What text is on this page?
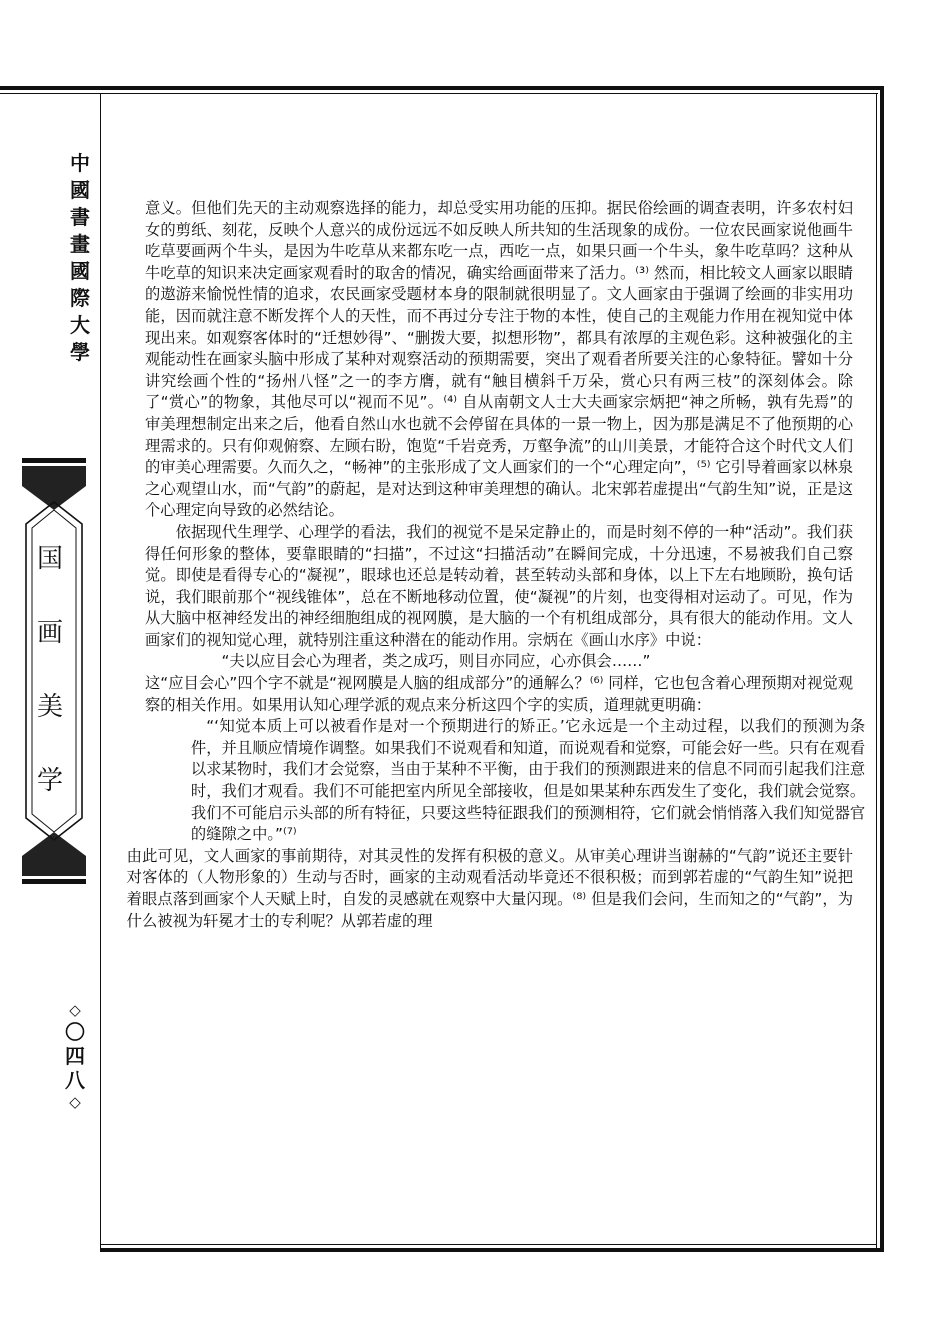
中
國
書
畫
國
際
大
學
国
画
美
学
◇
〇
四
八
◇

意义。但他们先天的主动观察选择的能力，却总受实用功能的压抑。据民俗绘画的调查表明，许多农村妇女的剪纸、刻花，反映个人意兴的成份远远不如反映人所共知的生活现象的成份。一位农民画家说他画牛吃草要画两个牛头，是因为牛吃草从来都东吃一点，西吃一点，如果只画一个牛头，象牛吃草吗？这种从牛吃草的知识来决定画家观看时的取舍的情况，确实给画面带来了活力。⁽³⁾ 然而，相比较文人画家以眼睛的遨游来愉悦性情的追求，农民画家受题材本身的限制就很明显了。文人画家由于强调了绘画的非实用功能，因而就注意不断发挥个人的天性，而不再过分专注于物的本性，使自己的主观能力作用在视知觉中体现出来。如观察客体时的“迁想妙得”、“删拨大要，拟想形物”，都具有浓厚的主观色彩。这种被强化的主观能动性在画家头脑中形成了某种对观察活动的预期需要，突出了观看者所要关注的心象特征。譬如十分讲究绘画个性的“扬州八怪”之一的李方膺，就有“触目横斜千万朵，赏心只有两三枝”的深刻体会。除了“赏心”的物象，其他尽可以“视而不见”。⁽⁴⁾ 自从南朝文人士大夫画家宗炳把“神之所畅，孰有先焉”的审美理想制定出来之后，他看自然山水也就不会停留在具体的一景一物上，因为那是满足不了他预期的心理需求的。只有仰观俯察、左顾右盼，饱览“千岩竞秀，万壑争流”的山川美景，才能符合这个时代文人们的审美心理需要。久而久之，“畅神”的主张形成了文人画家们的一个“心理定向”，⁽⁵⁾ 它引导着画家以林泉之心观望山水，而“气韵”的蔚起，是对达到这种审美理想的确认。北宋郭若虚提出“气韵生知”说，正是这个心理定向导致的必然结论。

依据现代生理学、心理学的看法，我们的视觉不是呆定静止的，而是时刻不停的一种“活动”。我们获得任何形象的整体，要靠眼睛的“扫描”，不过这“扫描活动”在瞬间完成，十分迅速，不易被我们自己察觉。即使是看得专心的“凝视”，眼球也还总是转动着，甚至转动头部和身体，以上下左右地顾盼，换句话说，我们眼前那个“视线锥体”，总在不断地移动位置，使“凝视”的片刻，也变得相对运动了。可见，作为从大脑中枢神经发出的神经细胞组成的视网膜，是大脑的一个有机组成部分，具有很大的能动作用。文人画家们的视知觉心理，就特别注重这种潜在的能动作用。宗炳在《画山水序》中说：

“夫以应目会心为理者，类之成巧，则目亦同应，心亦俱会……”

这“应目会心”四个字不就是“视网膜是人脑的组成部分”的通解么？⁽⁶⁾ 同样，它也包含着心理预期对视觉观察的相关作用。如果用认知心理学派的观点来分析这四个字的实质，道理就更明确：

“‘知觉本质上可以被看作是对一个预期进行的矫正。’它永远是一个主动过程，以我们的预测为条件，并且顺应情境作调整。如果我们不说观看和知道，而说观看和觉察，可能会好一些。只有在观看以求某物时，我们才会觉察，当由于某种不平衡，由于我们的预测跟进来的信息不同而引起我们注意时，我们才观看。我们不可能把室内所见全部接收，但是如果某种东西发生了变化，我们就会觉察。我们不可能启示头部的所有特征，只要这些特征跟我们的预测相符，它们就会悄悄落入我们知觉器官的缝隙之中。”⁽⁷⁾

由此可见，文人画家的事前期待，对其灵性的发挥有积极的意义。从审美心理讲当谢赫的“气韵”说还主要针对客体的（人物形象的）生动与否时，画家的主动观看活动毕竟还不很积极；而到郭若虚的“气韵生知”说把着眼点落到画家个人天赋上时，自发的灵感就在观察中大量闪现。⁽⁸⁾ 但是我们会问，生而知之的“气韵”，为什么被视为轩冕才士的专利呢？从郭若虚的理
